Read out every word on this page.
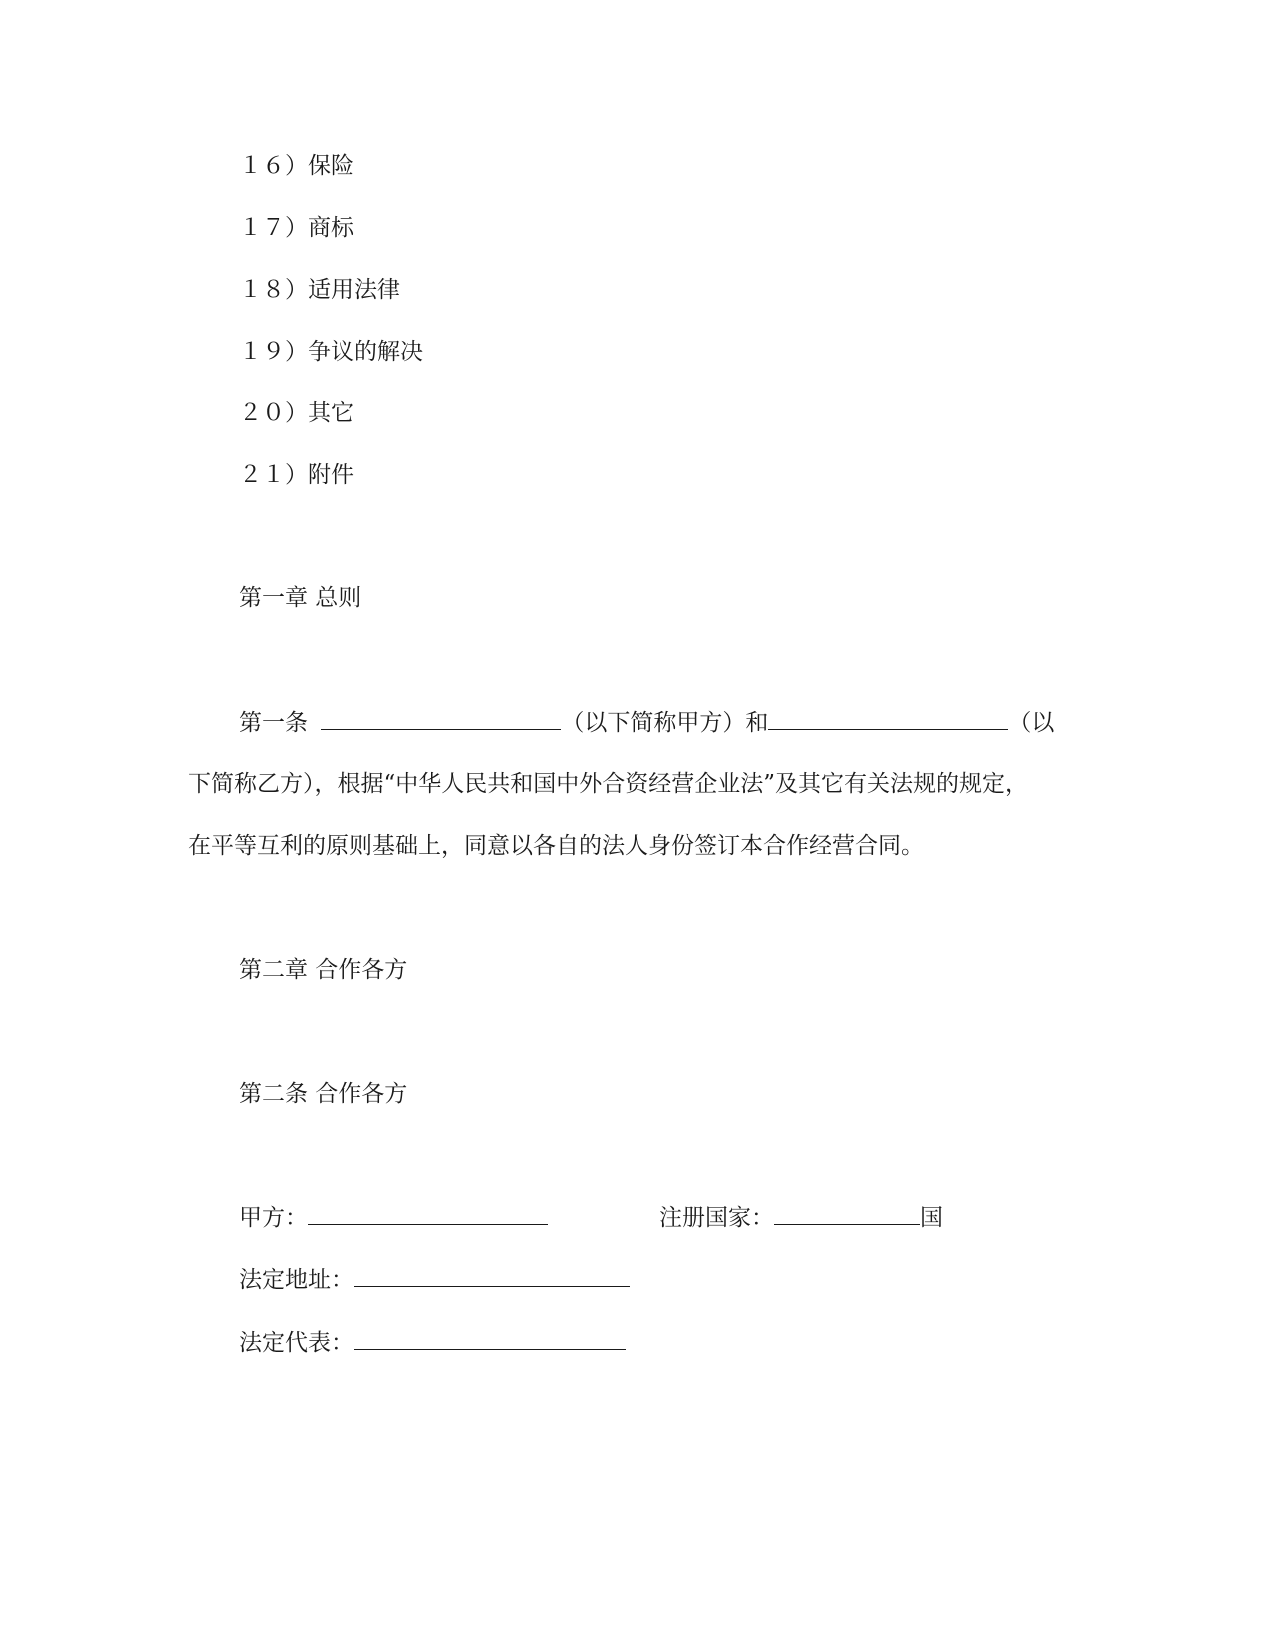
１６）保险
１７）商标
１８）适用法律
１９）争议的解决
２０）其它
２１）附件
第一章 总则
第一条	（以下简称甲方）和	（以
下简称乙方），根据“中华人民共和国中外合资经营企业法”及其它有关法规的规定，
在平等互利的原则基础上，同意以各自的法人身份签订本合作经营合同。
第二章 合作各方
第二条 合作各方
甲方：	注册国家：	国
法定地址：
法定代表：
